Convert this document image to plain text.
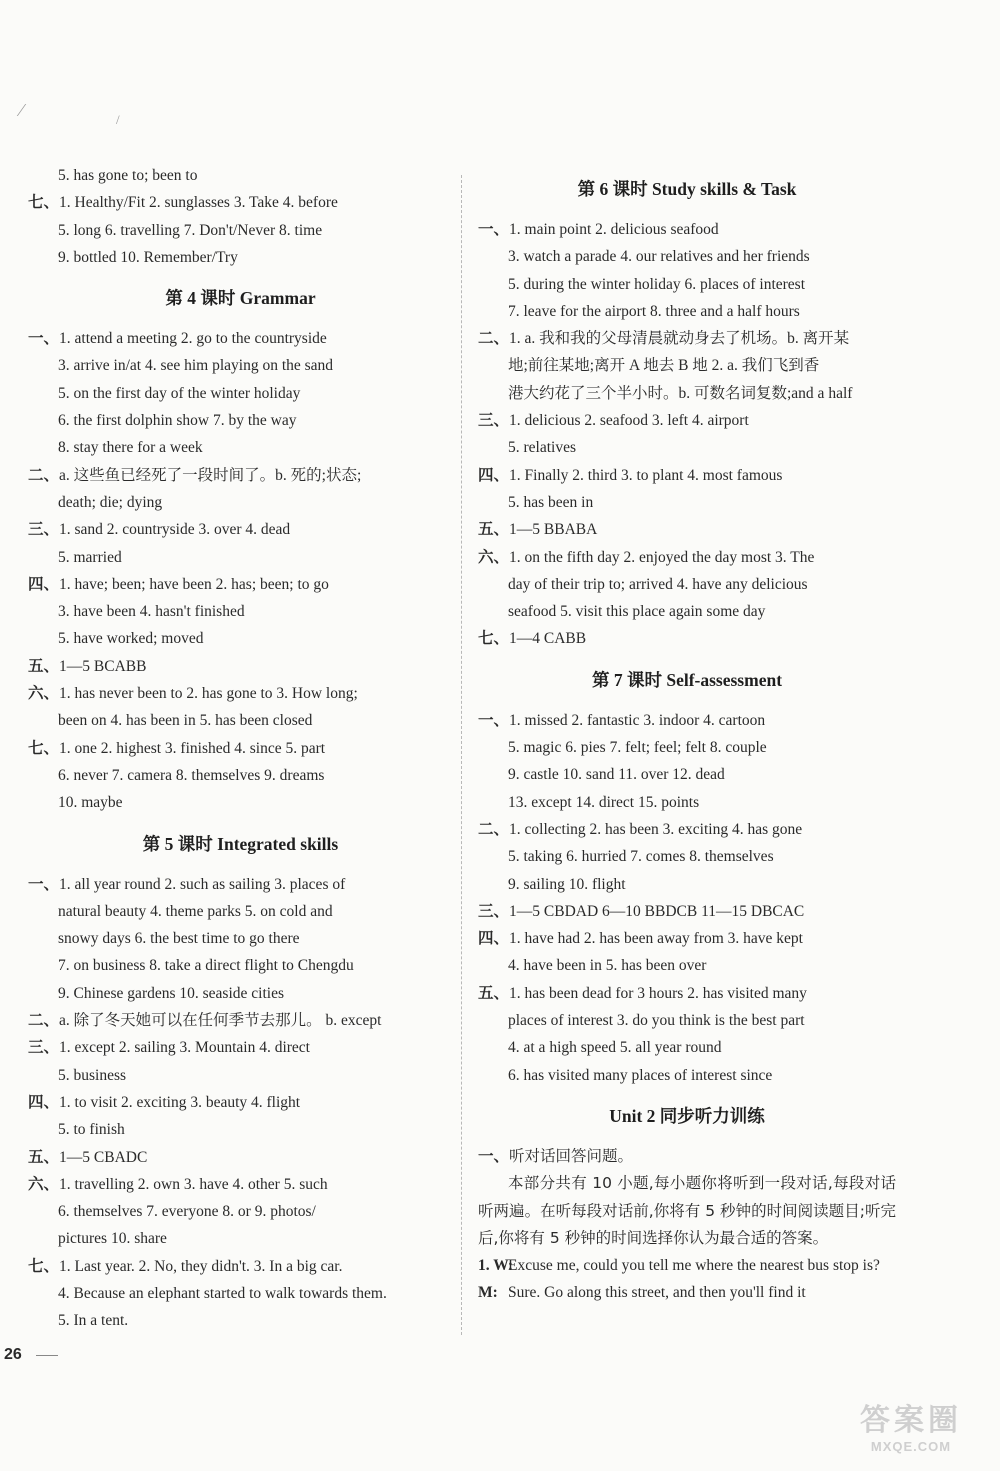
5. has gone to; been to
七、1. Healthy/Fit 2. sunglasses 3. Take 4. before
5. long 6. travelling 7. Don't/Never 8. time
9. bottled 10. Remember/Try
第 4 课时 Grammar
一、1. attend a meeting 2. go to the countryside
3. arrive in/at 4. see him playing on the sand
5. on the first day of the winter holiday
6. the first dolphin show 7. by the way
8. stay there for a week
二、a. 这些鱼已经死了一段时间了。b. 死的;状态;
death; die; dying
三、1. sand 2. countryside 3. over 4. dead
5. married
四、1. have; been; have been 2. has; been; to go
3. have been 4. hasn't finished
5. have worked; moved
五、1—5 BCABB
六、1. has never been to 2. has gone to 3. How long;
been on 4. has been in 5. has been closed
七、1. one 2. highest 3. finished 4. since 5. part
6. never 7. camera 8. themselves 9. dreams
10. maybe
第 5 课时 Integrated skills
一、1. all year round 2. such as sailing 3. places of
natural beauty 4. theme parks 5. on cold and
snowy days 6. the best time to go there
7. on business 8. take a direct flight to Chengdu
9. Chinese gardens 10. seaside cities
二、a. 除了冬天她可以在任何季节去那儿。 b. except
三、1. except 2. sailing 3. Mountain 4. direct
5. business
四、1. to visit 2. exciting 3. beauty 4. flight
5. to finish
五、1—5 CBADC
六、1. travelling 2. own 3. have 4. other 5. such
6. themselves 7. everyone 8. or 9. photos/
pictures 10. share
七、1. Last year. 2. No, they didn't. 3. In a big car.
4. Because an elephant started to walk towards them.
5. In a tent.
第 6 课时 Study skills & Task
一、1. main point 2. delicious seafood
3. watch a parade 4. our relatives and her friends
5. during the winter holiday 6. places of interest
7. leave for the airport 8. three and a half hours
二、1. a. 我和我的父母清晨就动身去了机场。b. 离开某
地;前往某地;离开 A 地去 B 地 2. a. 我们飞到香
港大约花了三个半小时。b. 可数名词复数;and a half
三、1. delicious 2. seafood 3. left 4. airport
5. relatives
四、1. Finally 2. third 3. to plant 4. most famous
5. has been in
五、1—5 BBABA
六、1. on the fifth day 2. enjoyed the day most 3. The
day of their trip to; arrived 4. have any delicious
seafood 5. visit this place again some day
七、1—4 CABB
第 7 课时 Self-assessment
一、1. missed 2. fantastic 3. indoor 4. cartoon
5. magic 6. pies 7. felt; feel; felt 8. couple
9. castle 10. sand 11. over 12. dead
13. except 14. direct 15. points
二、1. collecting 2. has been 3. exciting 4. has gone
5. taking 6. hurried 7. comes 8. themselves
9. sailing 10. flight
三、1—5 CBDAD 6—10 BBDCB 11—15 DBCAC
四、1. have had 2. has been away from 3. have kept
4. have been in 5. has been over
五、1. has been dead for 3 hours 2. has visited many
places of interest 3. do you think is the best part
4. at a high speed 5. all year round
6. has visited many places of interest since
Unit 2 同步听力训练
一、听对话回答问题。
本部分共有 10 小题,每小题你将听到一段对话,每段对话听两遍。在听每段对话前,你将有 5 秒钟的时间阅读题目;听完后,你将有 5 秒钟的时间选择你认为最合适的答案。
1. W:
Excuse me, could you tell me where the nearest bus stop is?
M: Sure. Go along this street, and then you'll find it
⁄	/
26
答案圈
MXQE.COM
